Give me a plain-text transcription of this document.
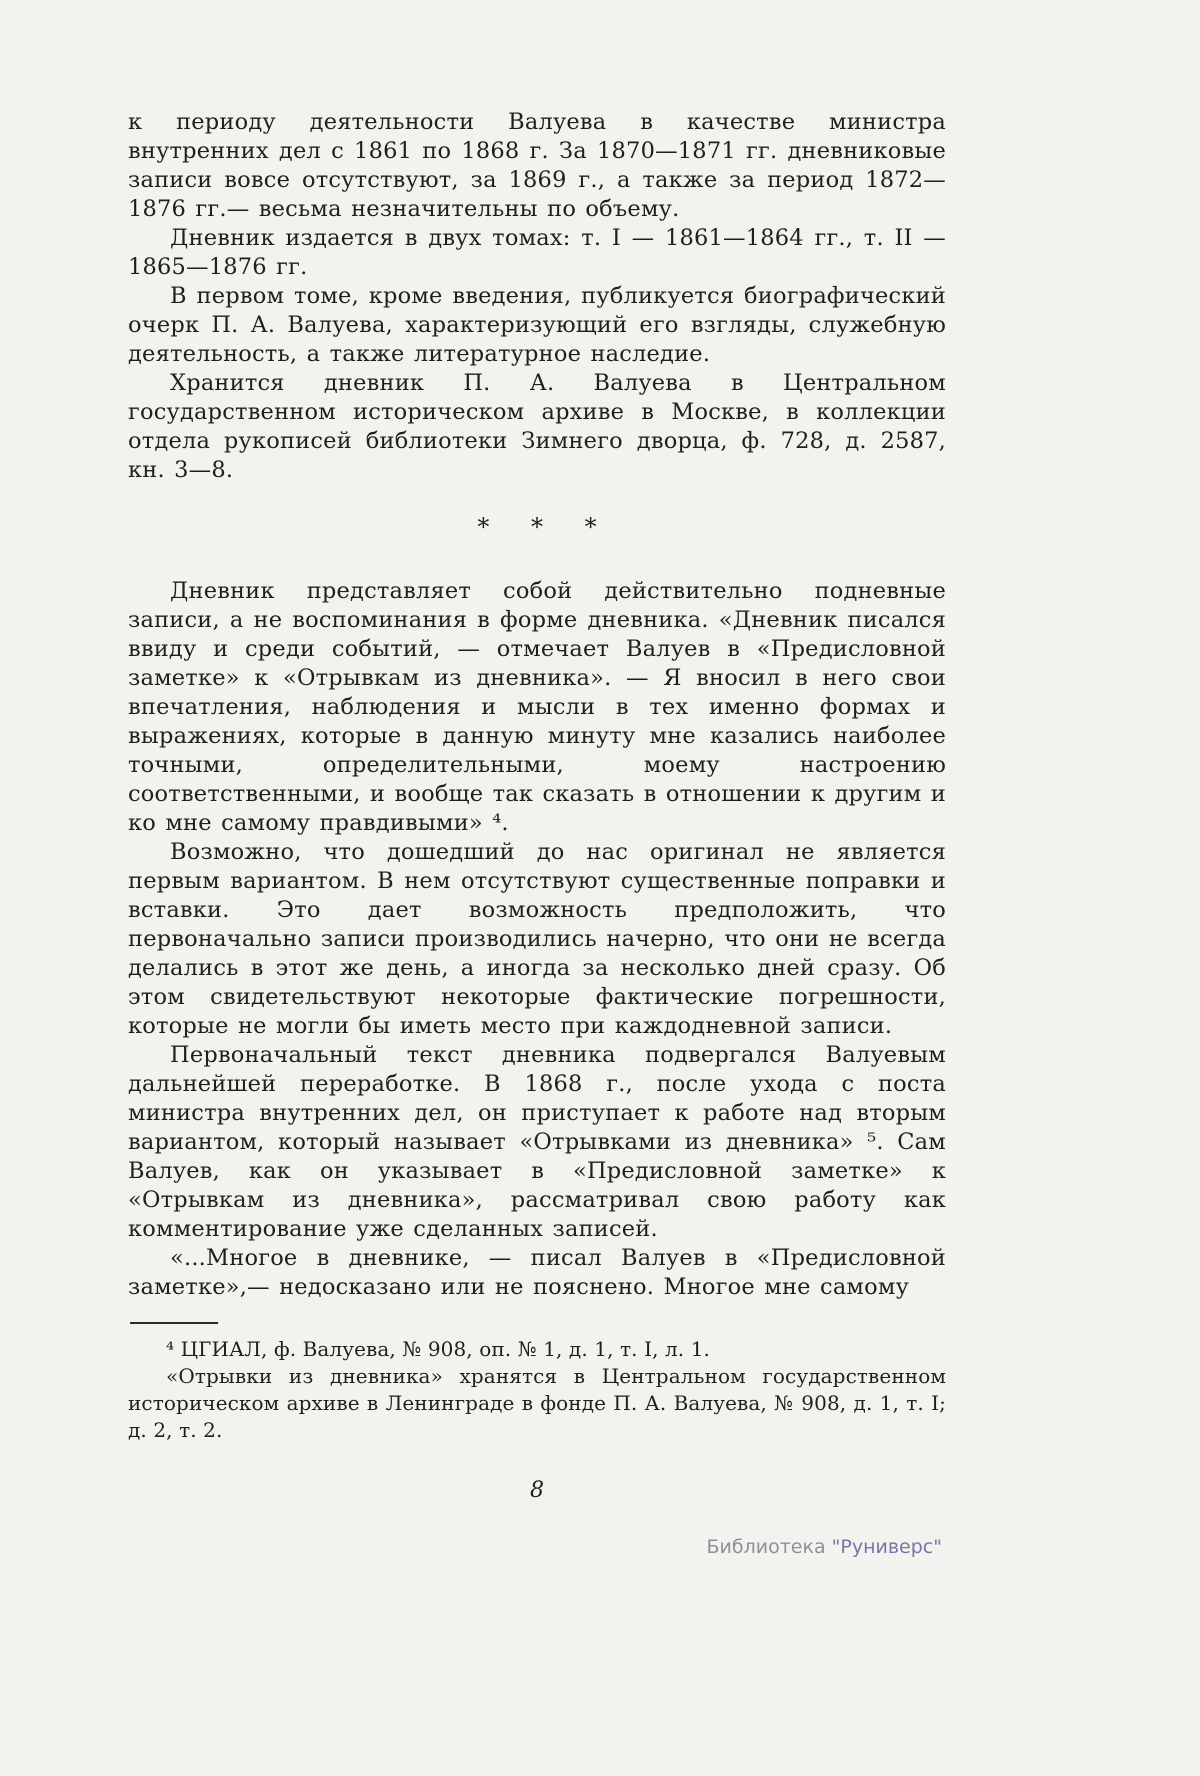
к периоду деятельности Валуева в качестве министра внутренних дел с 1861 по 1868 г. За 1870—1871 гг. дневниковые записи вовсе отсутствуют, за 1869 г., а также за период 1872—1876 гг.— весьма незначительны по объему.

Дневник издается в двух томах: т. I — 1861—1864 гг., т. II — 1865—1876 гг.

В первом томе, кроме введения, публикуется биографический очерк П. А. Валуева, характеризующий его взгляды, служебную деятельность, а также литературное наследие.

Хранится дневник П. А. Валуева в Центральном государственном историческом архиве в Москве, в коллекции отдела рукописей библиотеки Зимнего дворца, ф. 728, д. 2587, кн. 3—8.

* * *

Дневник представляет собой действительно подневные записи, а не воспоминания в форме дневника. «Дневник писался ввиду и среди событий, — отмечает Валуев в «Предисловной заметке» к «Отрывкам из дневника». — Я вносил в него свои впечатления, наблюдения и мысли в тех именно формах и выражениях, которые в данную минуту мне казались наиболее точными, определительными, моему настроению соответственными, и вообще так сказать в отношении к другим и ко мне самому правдивыми» ⁴.

Возможно, что дошедший до нас оригинал не является первым вариантом. В нем отсутствуют существенные поправки и вставки. Это дает возможность предположить, что первоначально записи производились начерно, что они не всегда делались в этот же день, а иногда за несколько дней сразу. Об этом свидетельствуют некоторые фактические погрешности, которые не могли бы иметь место при каждодневной записи.

Первоначальный текст дневника подвергался Валуевым дальнейшей переработке. В 1868 г., после ухода с поста министра внутренних дел, он приступает к работе над вторым вариантом, который называет «Отрывками из дневника» ⁵. Сам Валуев, как он указывает в «Предисловной заметке» к «Отрывкам из дневника», рассматривал свою работу как комментирование уже сделанных записей.

«...Многое в дневнике, — писал Валуев в «Предисловной заметке»,— недосказано или не пояснено. Многое мне самому

⁴ ЦГИАЛ, ф. Валуева, № 908, оп. № 1, д. 1, т. I, л. 1.

«Отрывки из дневника» хранятся в Центральном государственном историческом архиве в Ленинграде в фонде П. А. Валуева, № 908, д. 1, т. I; д. 2, т. 2.

8
Библиотека "Руниверс"
